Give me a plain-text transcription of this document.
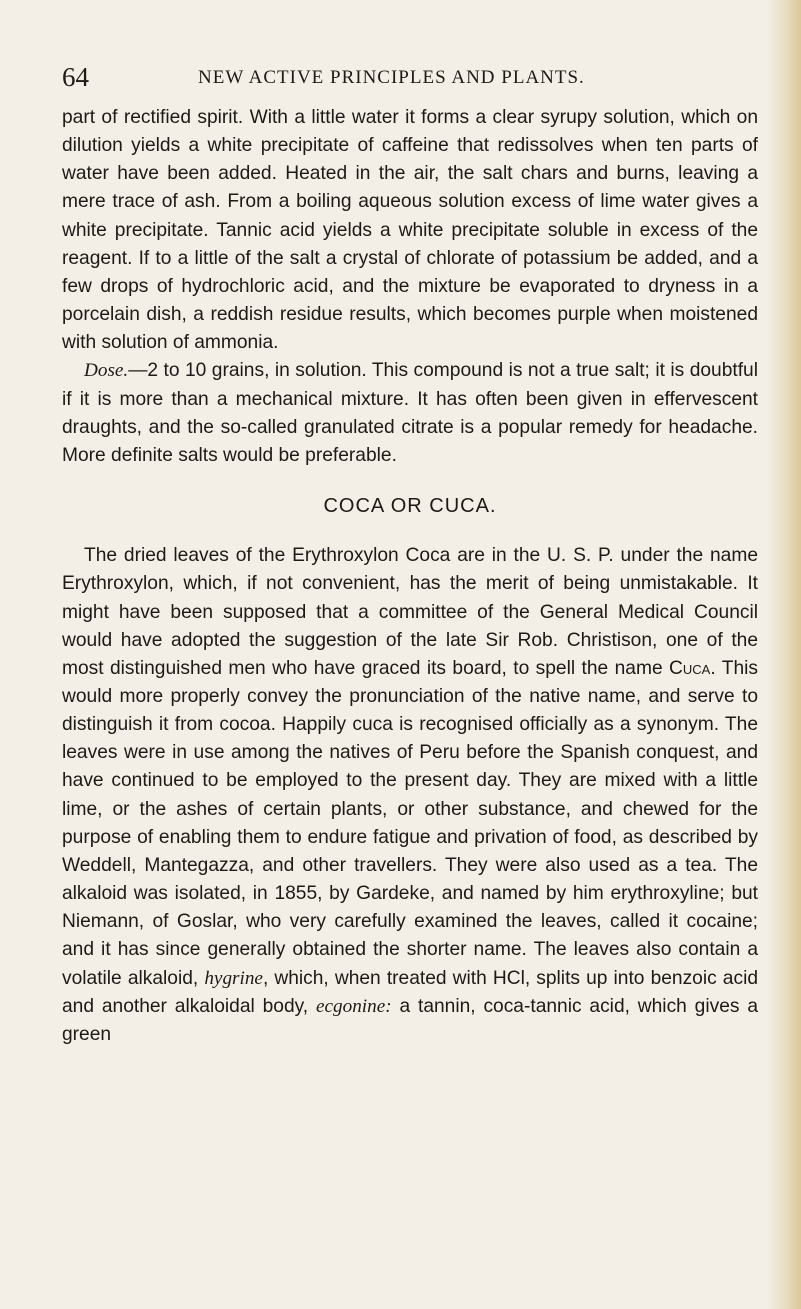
64	NEW ACTIVE PRINCIPLES AND PLANTS.

part of rectified spirit. With a little water it forms a clear syrupy solution, which on dilution yields a white precipitate of caffeine that redissolves when ten parts of water have been added. Heated in the air, the salt chars and burns, leaving a mere trace of ash. From a boiling aqueous solution excess of lime water gives a white precipitate. Tannic acid yields a white precipitate soluble in excess of the reagent. If to a little of the salt a crystal of chlorate of potassium be added, and a few drops of hydrochloric acid, and the mixture be evaporated to dryness in a porcelain dish, a reddish residue results, which becomes purple when moistened with solution of ammonia.

Dose.—2 to 10 grains, in solution. This compound is not a true salt; it is doubtful if it is more than a mechanical mixture. It has often been given in effervescent draughts, and the so-called granulated citrate is a popular remedy for headache. More definite salts would be preferable.

COCA OR CUCA.

The dried leaves of the Erythroxylon Coca are in the U. S. P. under the name Erythroxylon, which, if not convenient, has the merit of being unmistakable. It might have been supposed that a committee of the General Medical Council would have adopted the suggestion of the late Sir Rob. Christison, one of the most distinguished men who have graced its board, to spell the name Cuca. This would more properly convey the pronunciation of the native name, and serve to distinguish it from cocoa. Happily cuca is recognised officially as a synonym. The leaves were in use among the natives of Peru before the Spanish conquest, and have continued to be employed to the present day. They are mixed with a little lime, or the ashes of certain plants, or other substance, and chewed for the purpose of enabling them to endure fatigue and privation of food, as described by Weddell, Mantegazza, and other travellers. They were also used as a tea. The alkaloid was isolated, in 1855, by Gardeke, and named by him erythroxyline; but Niemann, of Goslar, who very carefully examined the leaves, called it cocaine; and it has since generally obtained the shorter name. The leaves also contain a volatile alkaloid, hygrine, which, when treated with HCl, splits up into benzoic acid and another alkaloidal body, ecgonine: a tannin, coca-tannic acid, which gives a green
